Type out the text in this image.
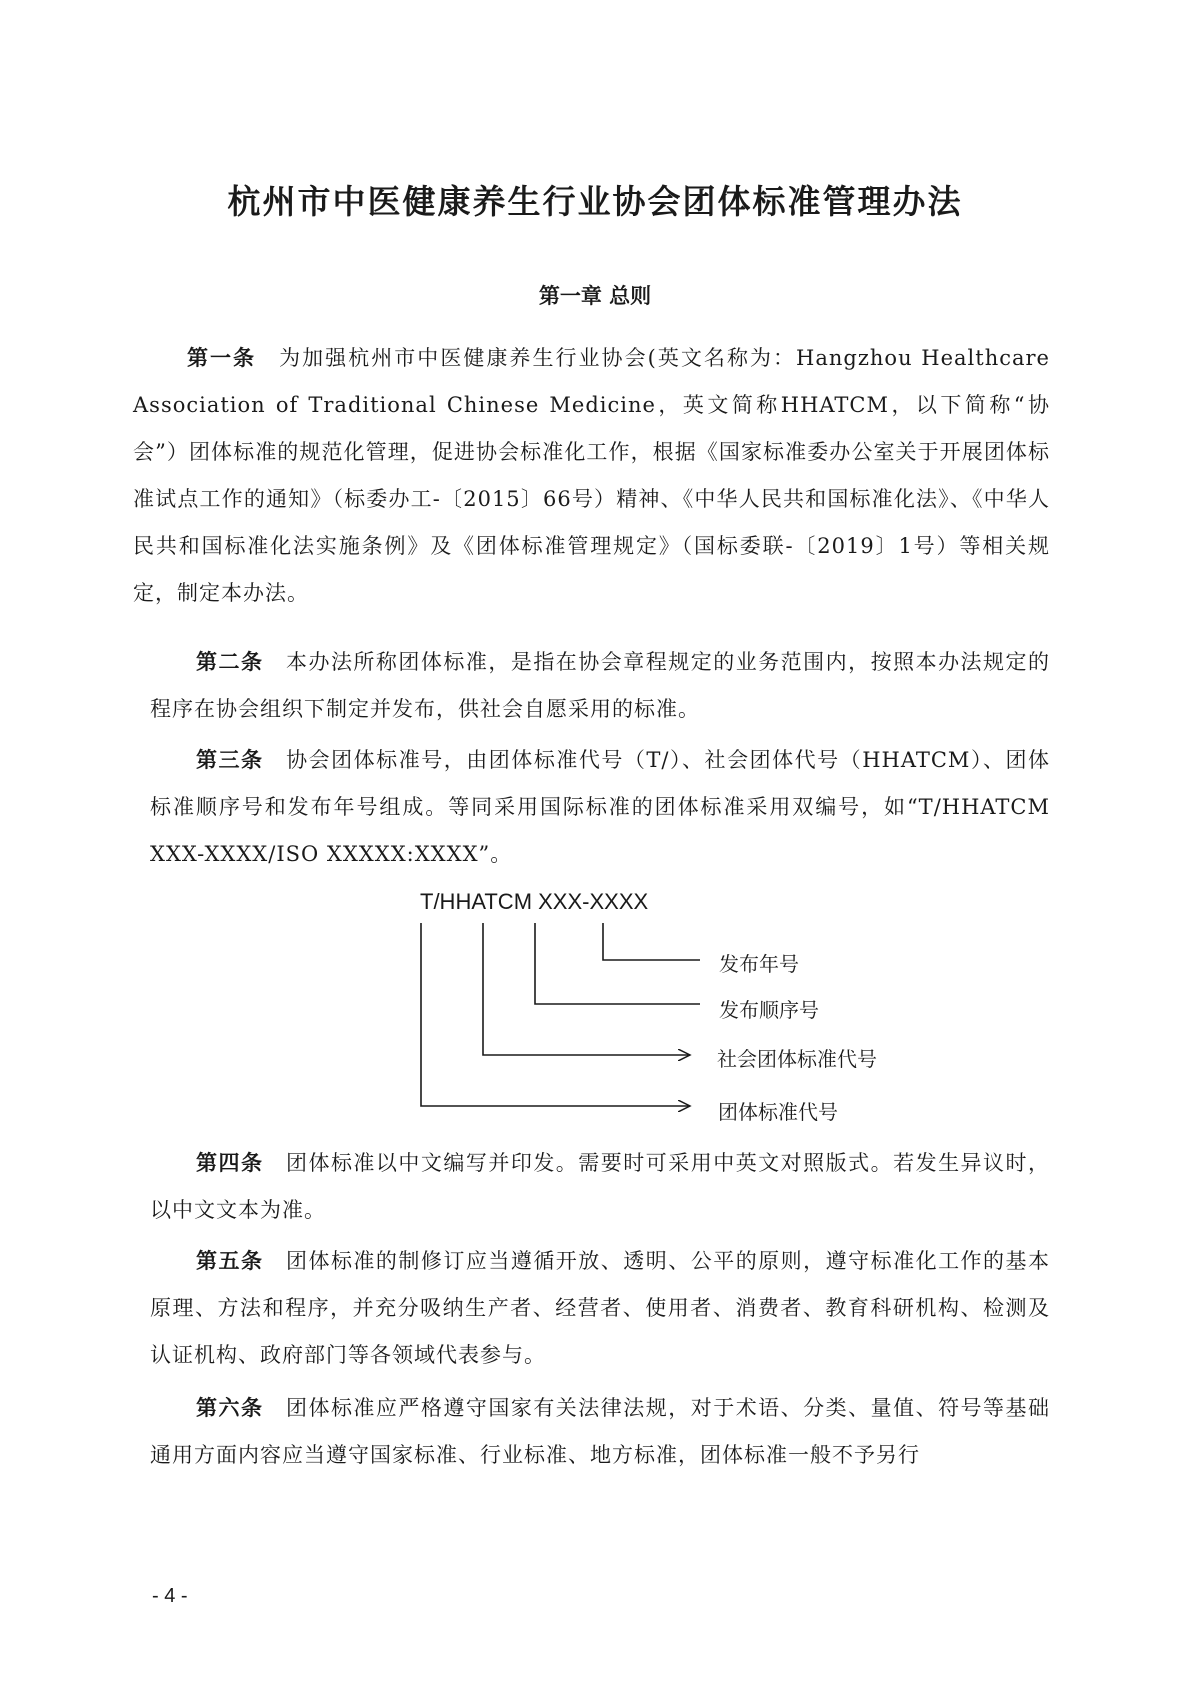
杭州市中医健康养生行业协会团体标准管理办法
第一章 总则

第一条　 为加强杭州市中医健康养生行业协会(英文名称为：Hangzhou Healthcare Association of Traditional Chinese Medicine，英文简称HHATCM，以下简称“协会”）团体标准的规范化管理，促进协会标准化工作，根据《国家标准委办公室关于开展团体标准试点工作的通知》（标委办工-〔2015〕66号）精神、《中华人民共和国标准化法》、《中华人民共和国标准化法实施条例》及《团体标准管理规定》（国标委联-〔2019〕1号）等相关规定，制定本办法。

第二条　 本办法所称团体标准，是指在协会章程规定的业务范围内，按照本办法规定的程序在协会组织下制定并发布，供社会自愿采用的标准。

第三条　 协会团体标准号，由团体标准代号（T/）、社会团体代号（HHATCM）、团体标准顺序号和发布年号组成。等同采用国际标准的团体标准采用双编号，如“T/HHATCM　XXX-XXXX/ISO XXXXX:XXXX”。

T/HHATCM XXX-XXXX

发布年号

发布顺序号

社会团体标准代号

团体标准代号

第四条　 团体标准以中文编写并印发。需要时可采用中英文对照版式。若发生异议时，以中文文本为准。

第五条　 团体标准的制修订应当遵循开放、透明、公平的原则，遵守标准化工作的基本原理、方法和程序，并充分吸纳生产者、经营者、使用者、消费者、教育科研机构、检测及认证机构、政府部门等各领域代表参与。

第六条　 团体标准应严格遵守国家有关法律法规，对于术语、分类、量值、符号等基础通用方面内容应当遵守国家标准、行业标准、地方标准，团体标准一般不予另行

- 4 -
